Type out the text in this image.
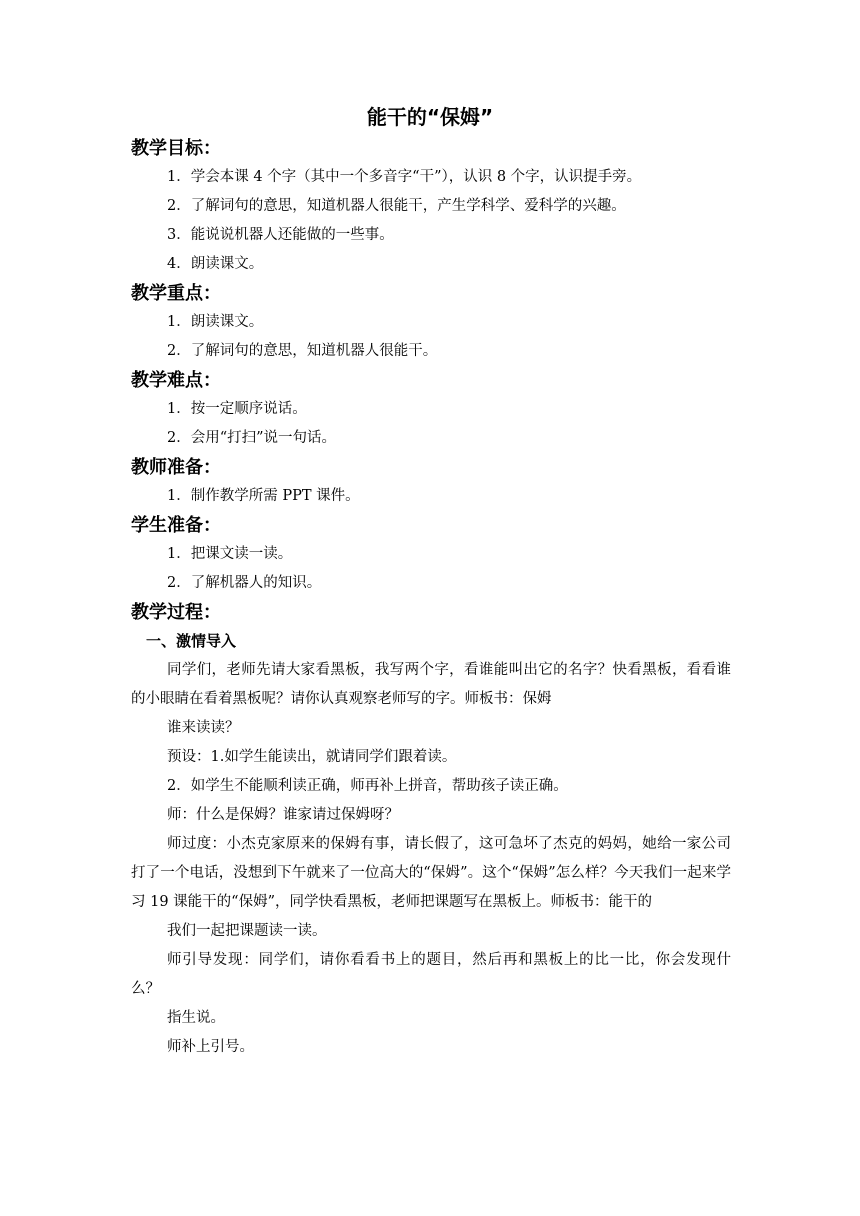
能干的“保姆”
教学目标：
1．学会本课 4 个字（其中一个多音字“干”），认识 8 个字，认识提手旁。
2．了解词句的意思，知道机器人很能干，产生学科学、爱科学的兴趣。
3．能说说机器人还能做的一些事。
4．朗读课文。
教学重点：
1．朗读课文。
2．了解词句的意思，知道机器人很能干。
教学难点：
1．按一定顺序说话。
2．会用“打扫”说一句话。
教师准备：
1．制作教学所需 PPT 课件。
学生准备：
1．把课文读一读。
2．了解机器人的知识。
教学过程：
一、激情导入

同学们，老师先请大家看黑板，我写两个字，看谁能叫出它的名字？快看黑板，看看谁的小眼睛在看着黑板呢？请你认真观察老师写的字。师板书：保姆

谁来读读？

预设：1.如学生能读出，就请同学们跟着读。

2．如学生不能顺利读正确，师再补上拼音，帮助孩子读正确。

师：什么是保姆？谁家请过保姆呀？

师过度：小杰克家原来的保姆有事，请长假了，这可急坏了杰克的妈妈，她给一家公司打了一个电话，没想到下午就来了一位高大的“保姆”。这个“保姆”怎么样？今天我们一起来学习 19 课能干的“保姆”，同学快看黑板，老师把课题写在黑板上。师板书：能干的

我们一起把课题读一读。

师引导发现：同学们，请你看看书上的题目，然后再和黑板上的比一比，你会发现什么？

指生说。

师补上引号。
